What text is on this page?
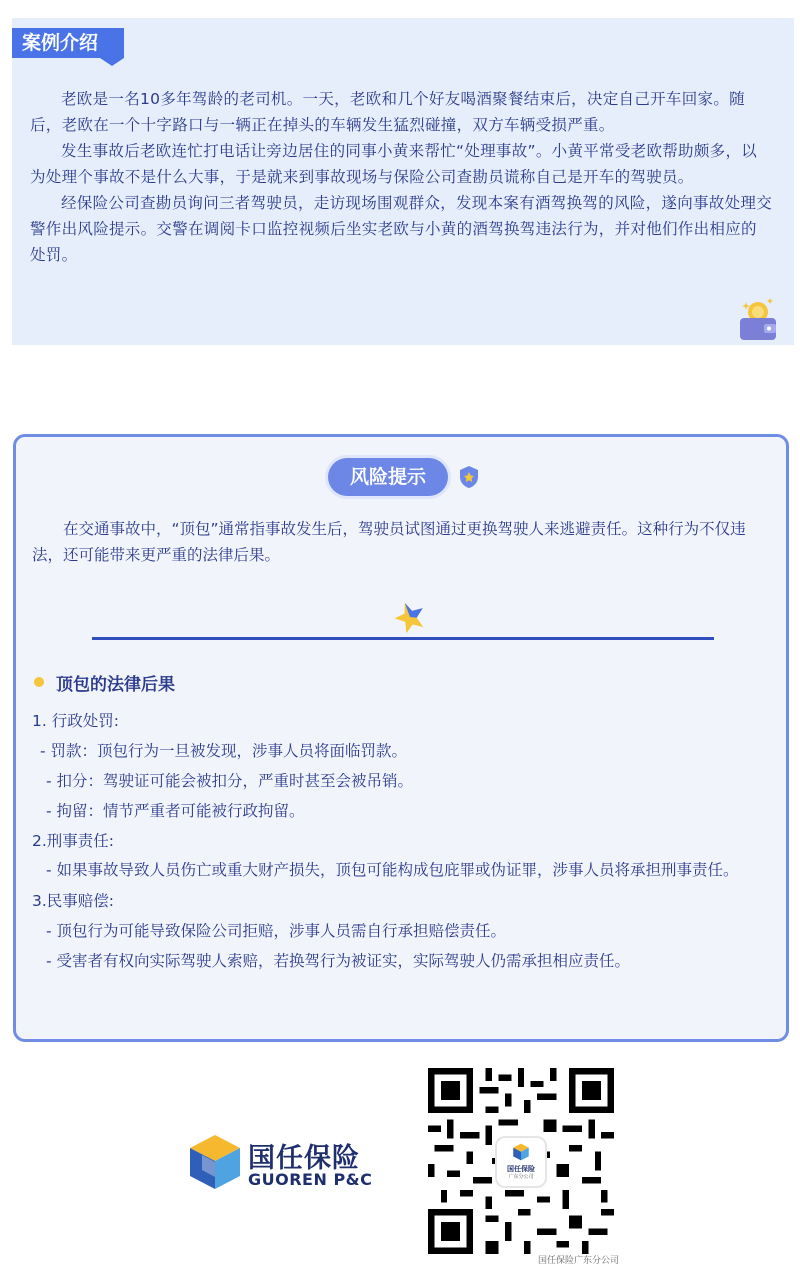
案例介绍

老欧是一名10多年驾龄的老司机。一天，老欧和几个好友喝酒聚餐结束后，决定自己开车回家。随后，老欧在一个十字路口与一辆正在掉头的车辆发生猛烈碰撞，双方车辆受损严重。

发生事故后老欧连忙打电话让旁边居住的同事小黄来帮忙“处理事故”。小黄平常受老欧帮助颇多，以为处理个事故不是什么大事，于是就来到事故现场与保险公司查勘员谎称自己是开车的驾驶员。

经保险公司查勘员询问三者驾驶员，走访现场围观群众，发现本案有酒驾换驾的风险，遂向事故处理交警作出风险提示。交警在调阅卡口监控视频后坐实老欧与小黄的酒驾换驾违法行为，并对他们作出相应的处罚。

风险提示

在交通事故中，“顶包”通常指事故发生后，驾驶员试图通过更换驾驶人来逃避责任。这种行为不仅违法，还可能带来更严重的法律后果。

顶包的法律后果
1. 行政处罚:
- 罚款：顶包行为一旦被发现，涉事人员将面临罚款。
- 扣分：驾驶证可能会被扣分，严重时甚至会被吊销。
- 拘留：情节严重者可能被行政拘留。
2.刑事责任:
- 如果事故导致人员伤亡或重大财产损失，顶包可能构成包庇罪或伪证罪，涉事人员将承担刑事责任。
3.民事赔偿:
- 顶包行为可能导致保险公司拒赔，涉事人员需自行承担赔偿责任。
- 受害者有权向实际驾驶人索赔，若换驾行为被证实，实际驾驶人仍需承担相应责任。
国任保险
GUOREN P&C
国任保险
广东分公司
国任保险广东分公司
